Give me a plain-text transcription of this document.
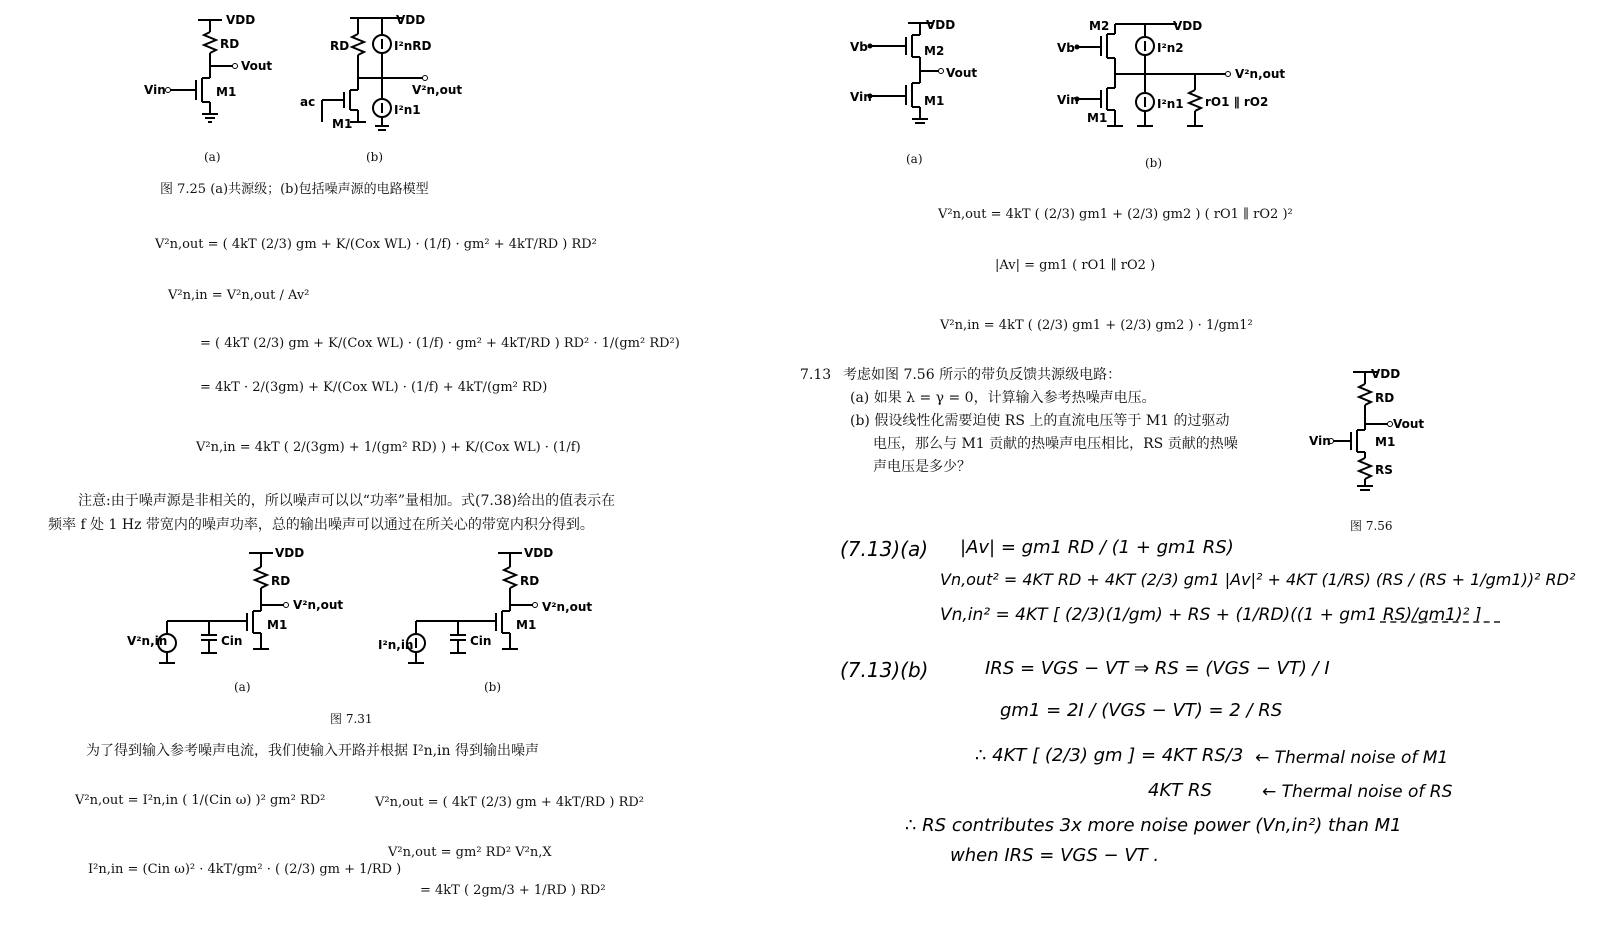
VDD
RD
Vout
Vin	M1
(a)
VDD
RD	I²nRD
V²n,out
ac
M1
I²n1
(b)
图 7.25 (a)共源级；(b)包括噪声源的电路模型
V²n,out = ( 4kT (2/3) gm + K/(Cox WL) · (1/f) · gm² + 4kT/RD ) RD²
V²n,in = V²n,out / Av²
= ( 4kT (2/3) gm + K/(Cox WL) · (1/f) · gm² + 4kT/RD ) RD² · 1/(gm² RD²)
= 4kT · 2/(3gm) + K/(Cox WL) · (1/f) + 4kT/(gm² RD)
V²n,in = 4kT ( 2/(3gm) + 1/(gm² RD) ) + K/(Cox WL) · (1/f)
注意:由于噪声源是非相关的，所以噪声可以以“功率”量相加。式(7.38)给出的值表示在
频率 f 处 1 Hz 带宽内的噪声功率，总的输出噪声可以通过在所关心的带宽内积分得到。
VDD
RD
V²n,out
M1
Cin
V²n,in
(a)
VDD
RD
V²n,out
M1
Cin
I²n,in
(b)
图 7.31
为了得到输入参考噪声电流，我们使输入开路并根据 I²n,in 得到输出噪声
V²n,out = I²n,in ( 1/(Cin ω) )² gm² RD²
I²n,in = (Cin ω)² · 4kT/gm² · ( (2/3) gm + 1/RD )
V²n,out = ( 4kT (2/3) gm + 4kT/RD ) RD²
V²n,out = gm² RD² V²n,X
= 4kT ( 2gm/3 + 1/RD ) RD²
VDD
Vb	M2
Vout
Vin	M1
(a)
M2	VDD
Vb	I²n2
V²n,out
Vin	I²n1 rO1 ∥ rO2
M1
(b)
V²n,out = 4kT ( (2/3) gm1 + (2/3) gm2 ) ( rO1 ∥ rO2 )²
|Av| = gm1 ( rO1 ∥ rO2 )
V²n,in = 4kT ( (2/3) gm1 + (2/3) gm2 ) · 1/gm1²
7.13 考虑如图 7.56 所示的带负反馈共源级电路：
(a) 如果 λ = γ = 0，计算输入参考热噪声电压。
(b) 假设线性化需要迫使 RS 上的直流电压等于 M1 的过驱动
电压，那么与 M1 贡献的热噪声电压相比，RS 贡献的热噪
声电压是多少？
VDD
RD
Vout
Vin	M1
RS
图 7.56
(7.13)(a) |Av| = gm1 RD / (1 + gm1 RS)
Vn,out² = 4KT RD + 4KT (2/3) gm1 |Av|² + 4KT (1/RS) (RS / (RS + 1/gm1))² RD²
Vn,in² = 4KT [ (2/3)(1/gm) + RS + (1/RD)((1 + gm1 RS)/gm1)² ]
(7.13)(b)	IRS = VGS − VT ⇒ RS = (VGS − VT) / I
gm1 = 2I / (VGS − VT) = 2 / RS
∴ 4KT [ (2/3) gm ] = 4KT RS/3 ← Thermal noise of M1
4KT RS	← Thermal noise of RS
∴ RS contributes 3x more noise power (Vn,in²) than M1
when IRS = VGS − VT .
